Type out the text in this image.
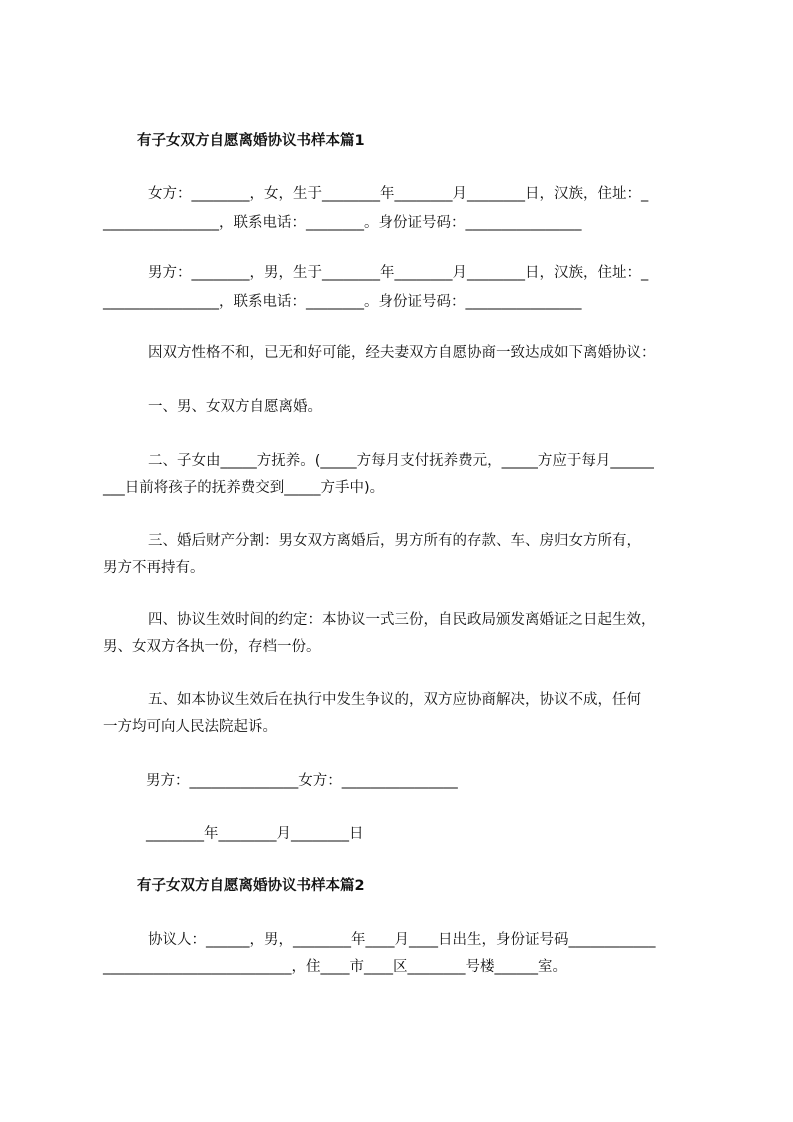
有子女双方自愿离婚协议书样本篇1
女方：________，女，生于________年________月________日，汉族，住址：_
________________，联系电话：________。身份证号码：________________
男方：________，男，生于________年________月________日，汉族，住址：_
________________，联系电话：________。身份证号码：________________
因双方性格不和，已无和好可能，经夫妻双方自愿协商一致达成如下离婚协议：
一、男、女双方自愿离婚。
二、子女由_____方抚养。(_____方每月支付抚养费元，_____方应于每月______
___日前将孩子的抚养费交到_____方手中)。
三、婚后财产分割：男女双方离婚后，男方所有的存款、车、房归女方所有，
男方不再持有。
四、协议生效时间的约定：本协议一式三份，自民政局颁发离婚证之日起生效，
男、女双方各执一份，存档一份。
五、如本协议生效后在执行中发生争议的，双方应协商解决，协议不成，任何
一方均可向人民法院起诉。
男方：_______________女方：________________
________年________月________日
有子女双方自愿离婚协议书样本篇2
协议人：______，男，________年____月____日出生，身份证号码____________
__________________________，住____市____区________号楼______室。
